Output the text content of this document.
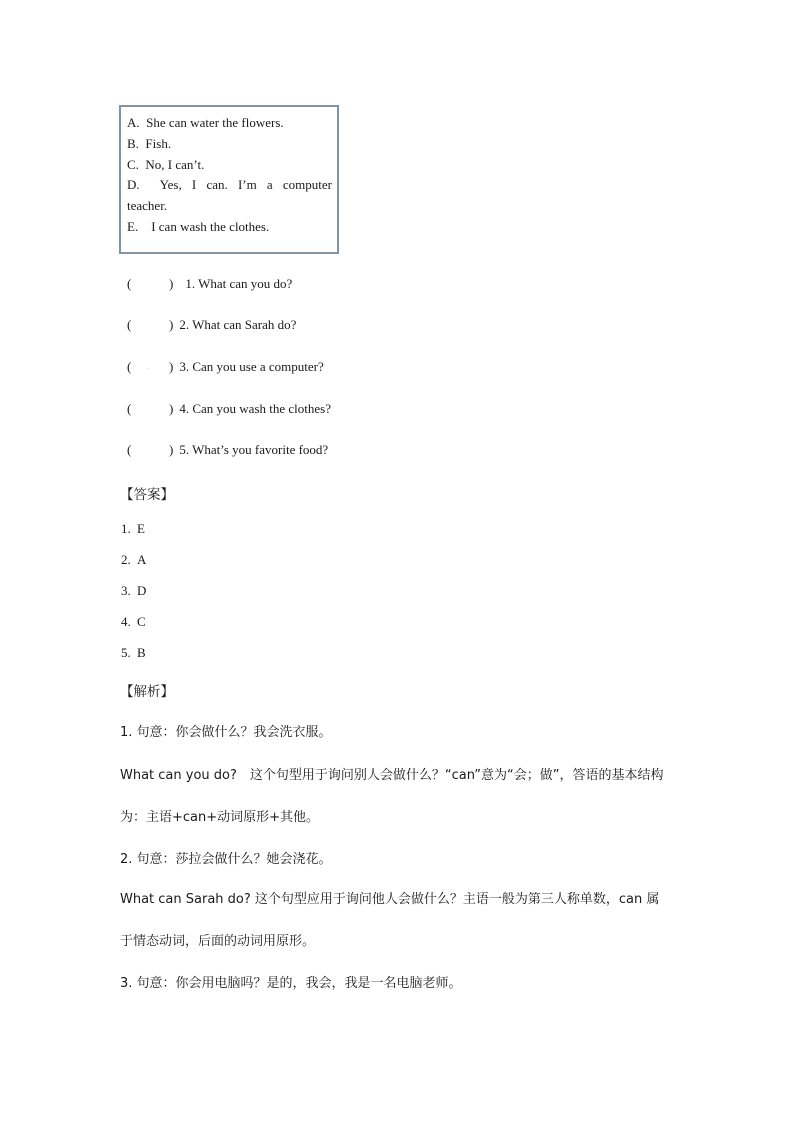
A. She can water the flowers.
B. Fish.
C. No, I can’t.
D. Yes, I can. I’m a computer
teacher.
E. I can wash the clothes.
(	) 1. What can you do?
(	) 2. What can Sarah do?
( . ) 3. Can you use a computer?
(	) 4. Can you wash the clothes?
(	) 5. What’s you favorite food?
【答案】
1. E
2. A
3. D
4. C
5. B
【解析】
1. 句意：你会做什么？我会洗衣服。
What can you do?　这个句型用于询问别人会做什么？“can”意为“会；做”，答语的基本结构
为：主语+can+动词原形+其他。
2. 句意：莎拉会做什么？她会浇花。
What can Sarah do? 这个句型应用于询问他人会做什么？主语一般为第三人称单数，can 属
于情态动词，后面的动词用原形。
3. 句意：你会用电脑吗？是的，我会，我是一名电脑老师。
